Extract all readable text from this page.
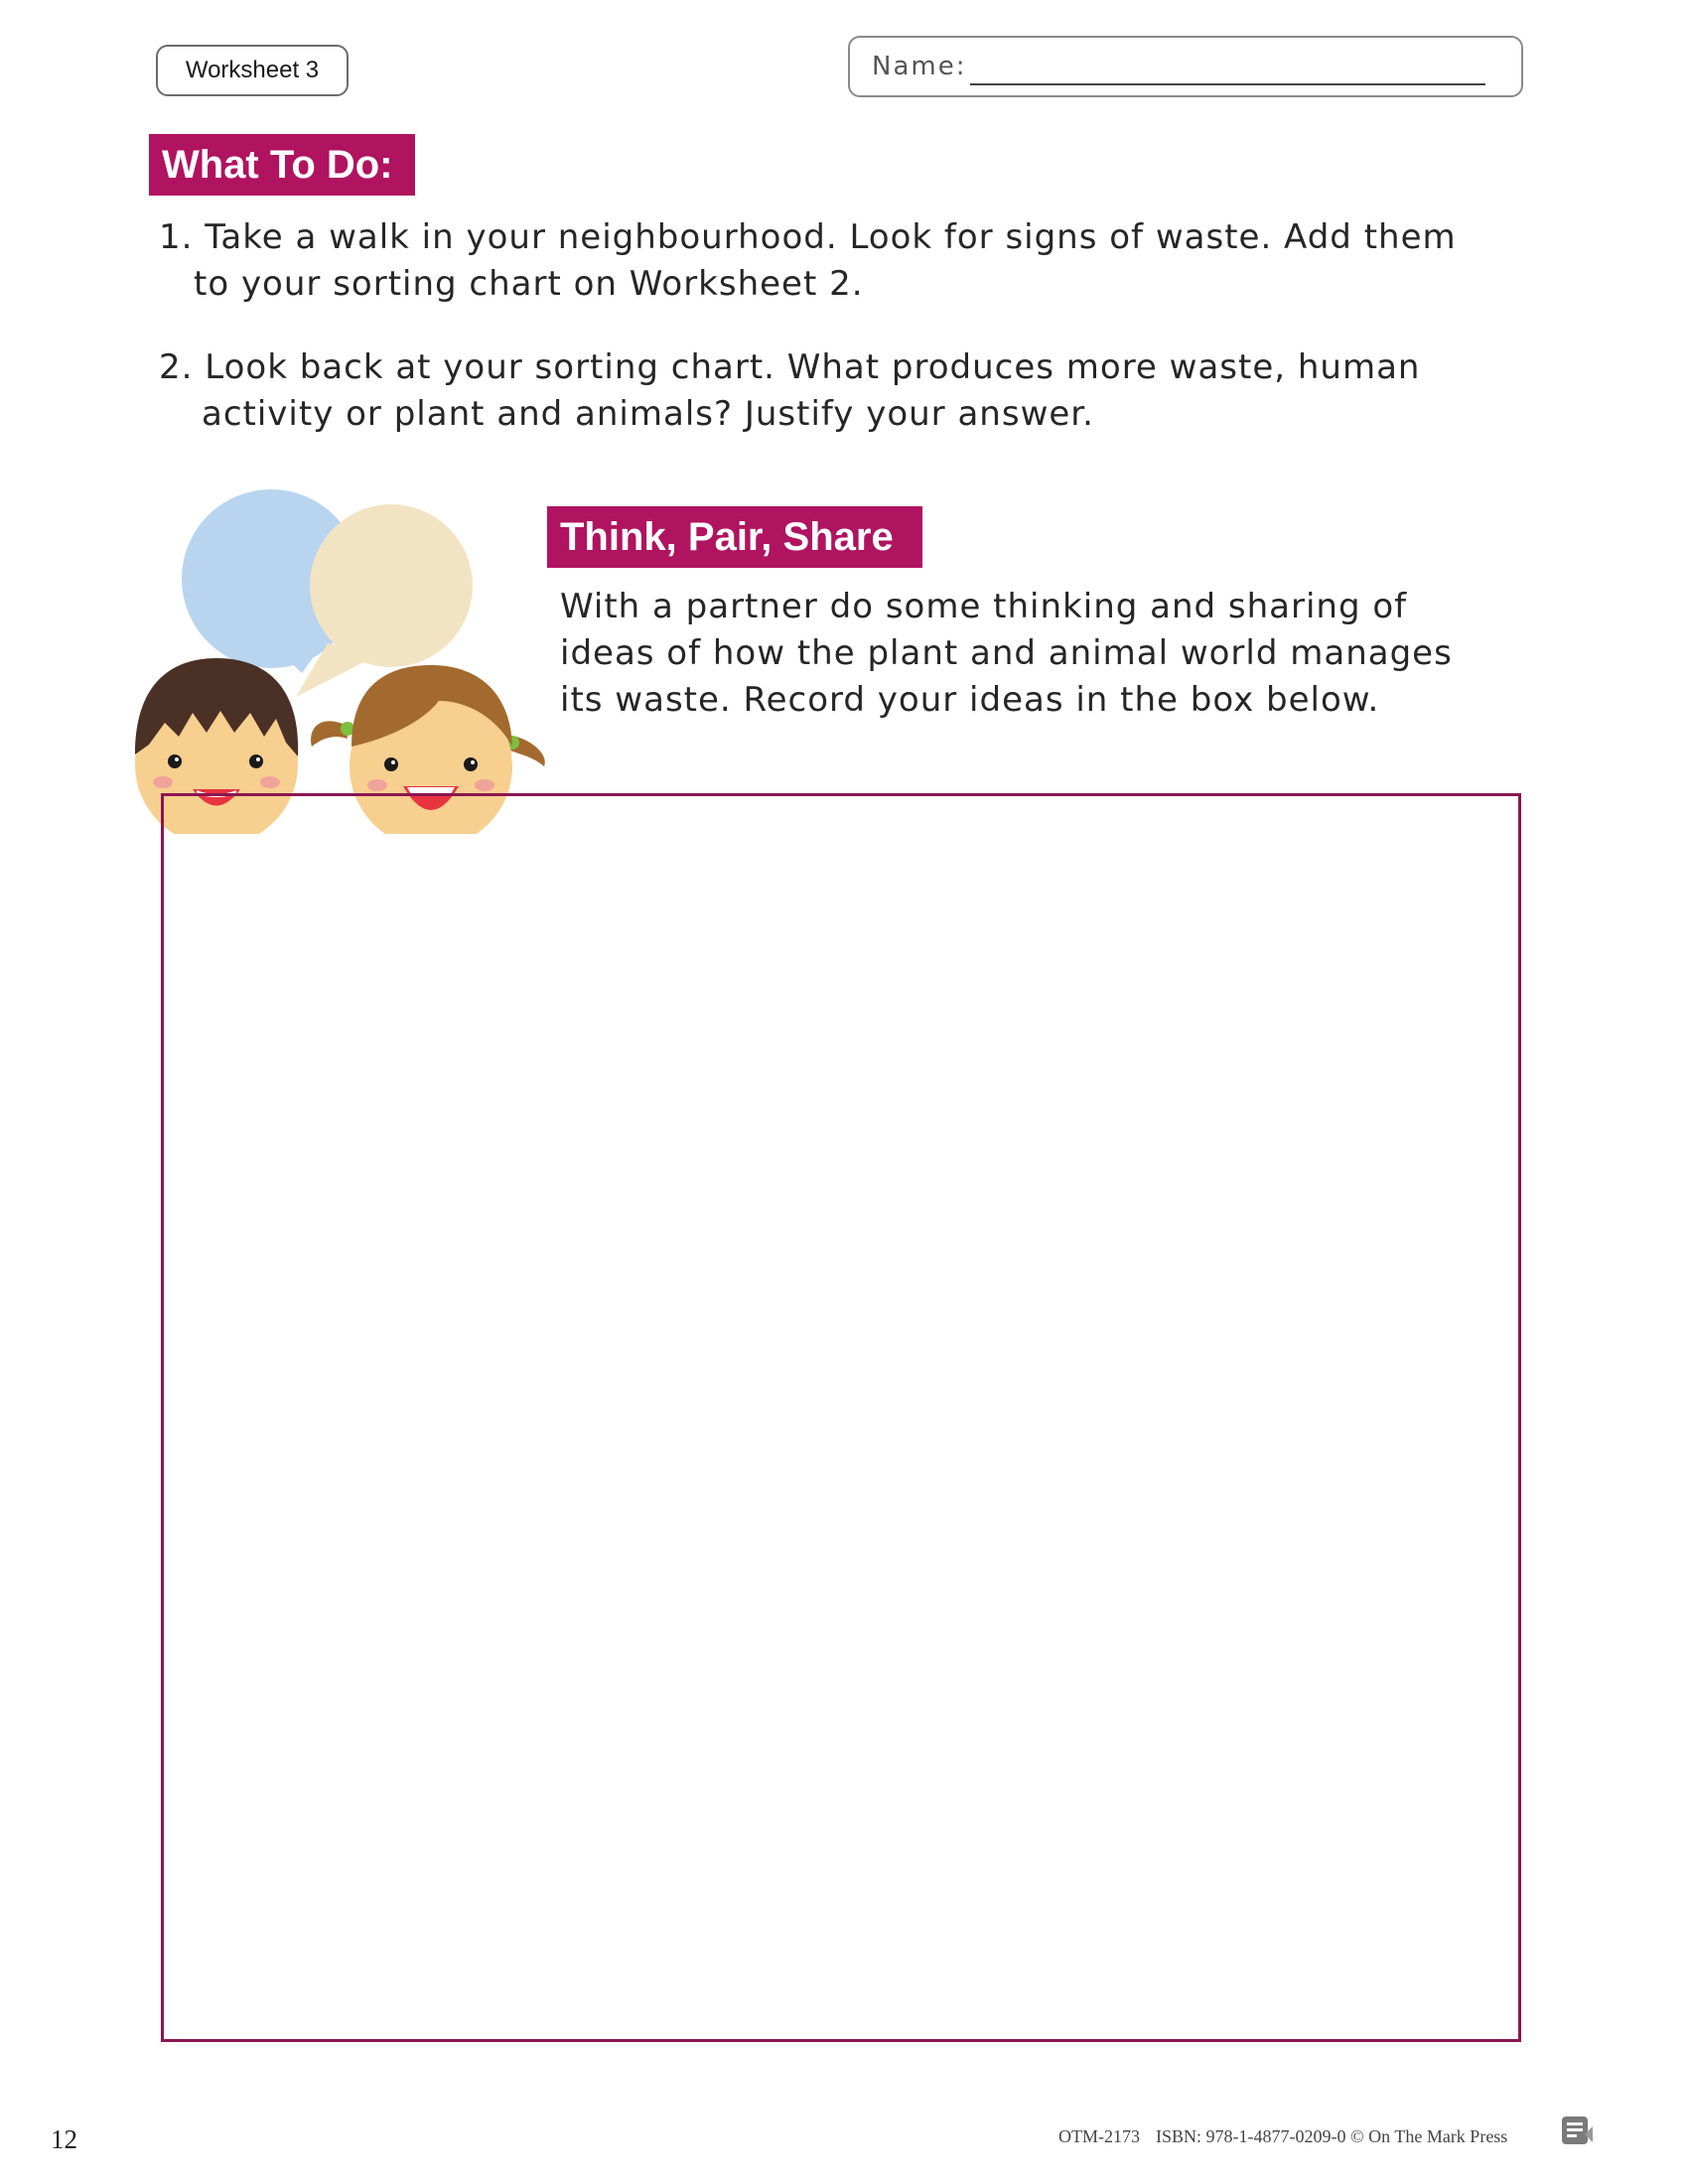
Worksheet 3	Name:
What To Do:
1. Take a walk in your neighbourhood. Look for signs of waste. Add them
to your sorting chart on Worksheet 2.
2. Look back at your sorting chart. What produces more waste, human
activity or plant and animals? Justify your answer.
Think, Pair, Share
With a partner do some thinking and sharing of
ideas of how the plant and animal world manages
its waste. Record your ideas in the box below.
12	OTM-2173 ISBN: 978-1-4877-0209-0 © On The Mark Press
